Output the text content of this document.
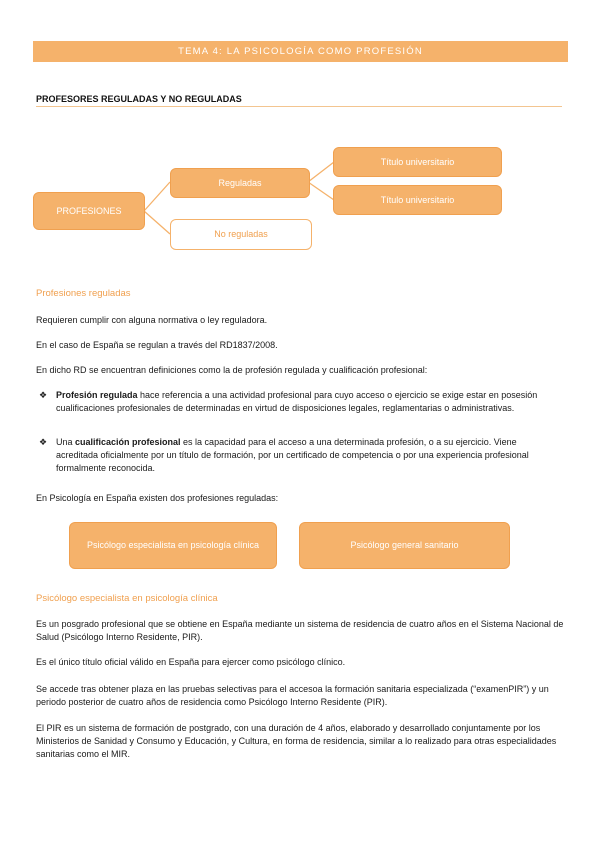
TEMA 4: LA PSICOLOGÍA COMO PROFESIÓN
PROFESORES REGULADAS Y NO REGULADAS
PROFESIONES
Reguladas
No reguladas
Título universitario
Título universitario
Profesiones reguladas

Requieren cumplir con alguna normativa o ley reguladora.

En el caso de España se regulan a través del RD1837/2008.

En dicho RD se encuentran definiciones como la de profesión regulada y cualificación profesional:

❖ Profesión regulada hace referencia a una actividad profesional para cuyo acceso o ejercicio se exige estar en posesión cualificaciones profesionales de determinadas en virtud de disposiciones legales, reglamentarias o administrativas.
❖ Una cualificación profesional es la capacidad para el acceso a una determinada profesión, o a su ejercicio. Viene acreditada oficialmente por un título de formación, por un certificado de competencia o por una experiencia profesional formalmente reconocida.

En Psicología en España existen dos profesiones reguladas:

Psicólogo especialista en psicología clínica	Psicólogo general sanitario
Psicólogo especialista en psicología clínica

Es un posgrado profesional que se obtiene en España mediante un sistema de residencia de cuatro años en el Sistema Nacional de Salud (Psicólogo Interno Residente, PIR).

Es el único título oficial válido en España para ejercer como psicólogo clínico.

Se accede tras obtener plaza en las pruebas selectivas para el accesoa la formación sanitaria especializada (“examenPIR”) y un periodo posterior de cuatro años de residencia como Psicólogo Interno Residente (PIR).

El PIR es un sistema de formación de postgrado, con una duración de 4 años, elaborado y desarrollado conjuntamente por los Ministerios de Sanidad y Consumo y Educación, y Cultura, en forma de residencia, similar a lo realizado para otras especialidades sanitarias como el MIR.
